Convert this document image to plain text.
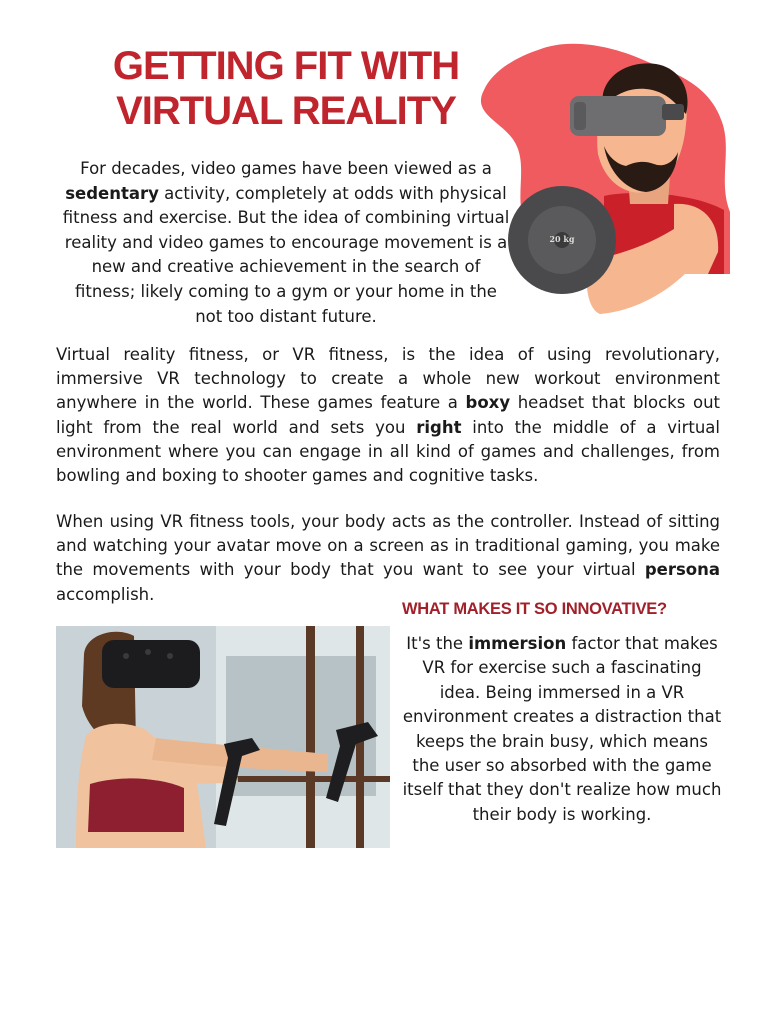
GETTING FIT WITH
VIRTUAL REALITY

For decades, video games have been viewed as a sedentary activity, completely at odds with physical fitness and exercise. But the idea of combining virtual reality and video games to encourage movement is a new and creative achievement in the search of fitness; likely coming to a gym or your home in the not too distant future.

20 kg

Virtual reality fitness, or VR fitness, is the idea of using revolutionary, immersive VR technology to create a whole new workout environment anywhere in the world. These games feature a boxy headset that blocks out light from the real world and sets you right into the middle of a virtual environment where you can engage in all kind of games and challenges, from bowling and boxing to shooter games and cognitive tasks.

When using VR fitness tools, your body acts as the controller. Instead of sitting and watching your avatar move on a screen as in traditional gaming, you make the movements with your body that you want to see your virtual persona accomplish.

WHAT MAKES IT SO INNOVATIVE?

It's the immersion factor that makes VR for exercise such a fascinating idea. Being immersed in a VR environment creates a distraction that keeps the brain busy, which means the user so absorbed with the game itself that they don't realize how much their body is working.
